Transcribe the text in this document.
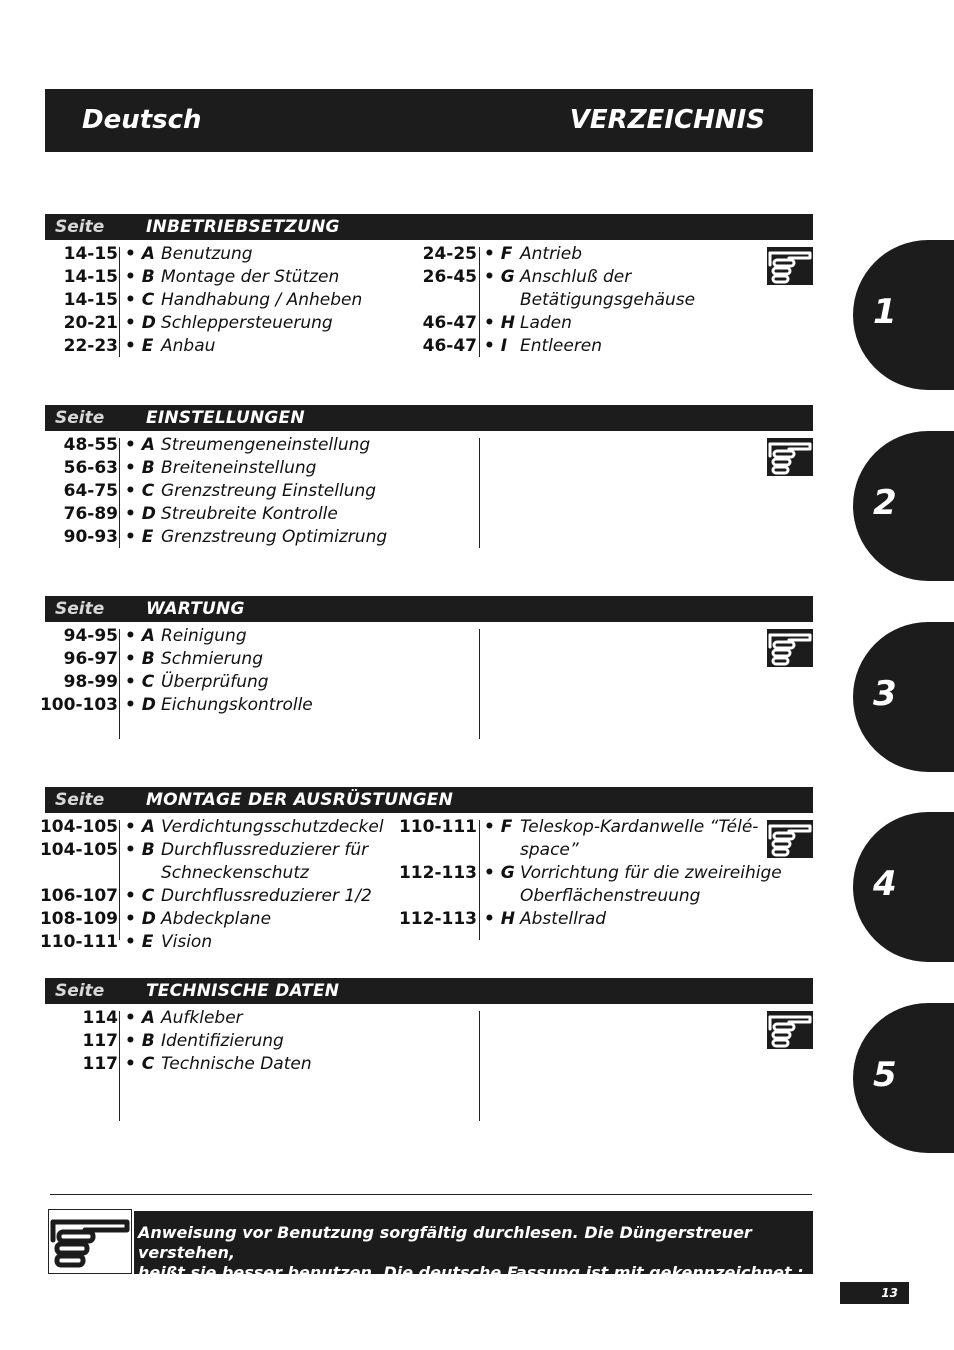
Deutsch	VERZEICHNIS
Seite INBETRIEBSETZUNG
14-15 • A Benutzung
14-15 • B Montage der Stützen
14-15 • C Handhabung / Anheben
20-21 • D Schleppersteuerung
22-23 • E Anbau
24-25 • F Antrieb
26-45 • G Anschluß der
Betätigungsgehäuse
46-47 • H Laden
46-47 • I Entleeren
Seite EINSTELLUNGEN
48-55 • A Streumengeneinstellung
56-63 • B Breiteneinstellung
64-75 • C Grenzstreung Einstellung
76-89 • D Streubreite Kontrolle
90-93 • E Grenzstreung Optimizrung
Seite WARTUNG
94-95 • A Reinigung
96-97 • B Schmierung
98-99 • C Überprüfung
100-103 • D Eichungskontrolle
Seite MONTAGE DER AUSRÜSTUNGEN
104-105 • A Verdichtungsschutzdeckel
104-105 • B Durchflussreduzierer für
Schneckenschutz
106-107 • C Durchflussreduzierer 1/2
108-109 • D Abdeckplane
110-111 • E Vision
110-111 • F Teleskop-Kardanwelle “Télé-
space”
112-113 • G Vorrichtung für die zweireihige
Oberflächenstreuung
112-113 • H Abstellrad
Seite TECHNISCHE DATEN
114 • A Aufkleber
117 • B Identifizierung
117 • C Technische Daten
1
2
3
4
5
Anweisung vor Benutzung sorgfältig durchlesen. Die Düngerstreuer verstehen,
heißt sie besser benutzen. Die deutsche Fassung ist mit gekennzeichnet : DE	13
